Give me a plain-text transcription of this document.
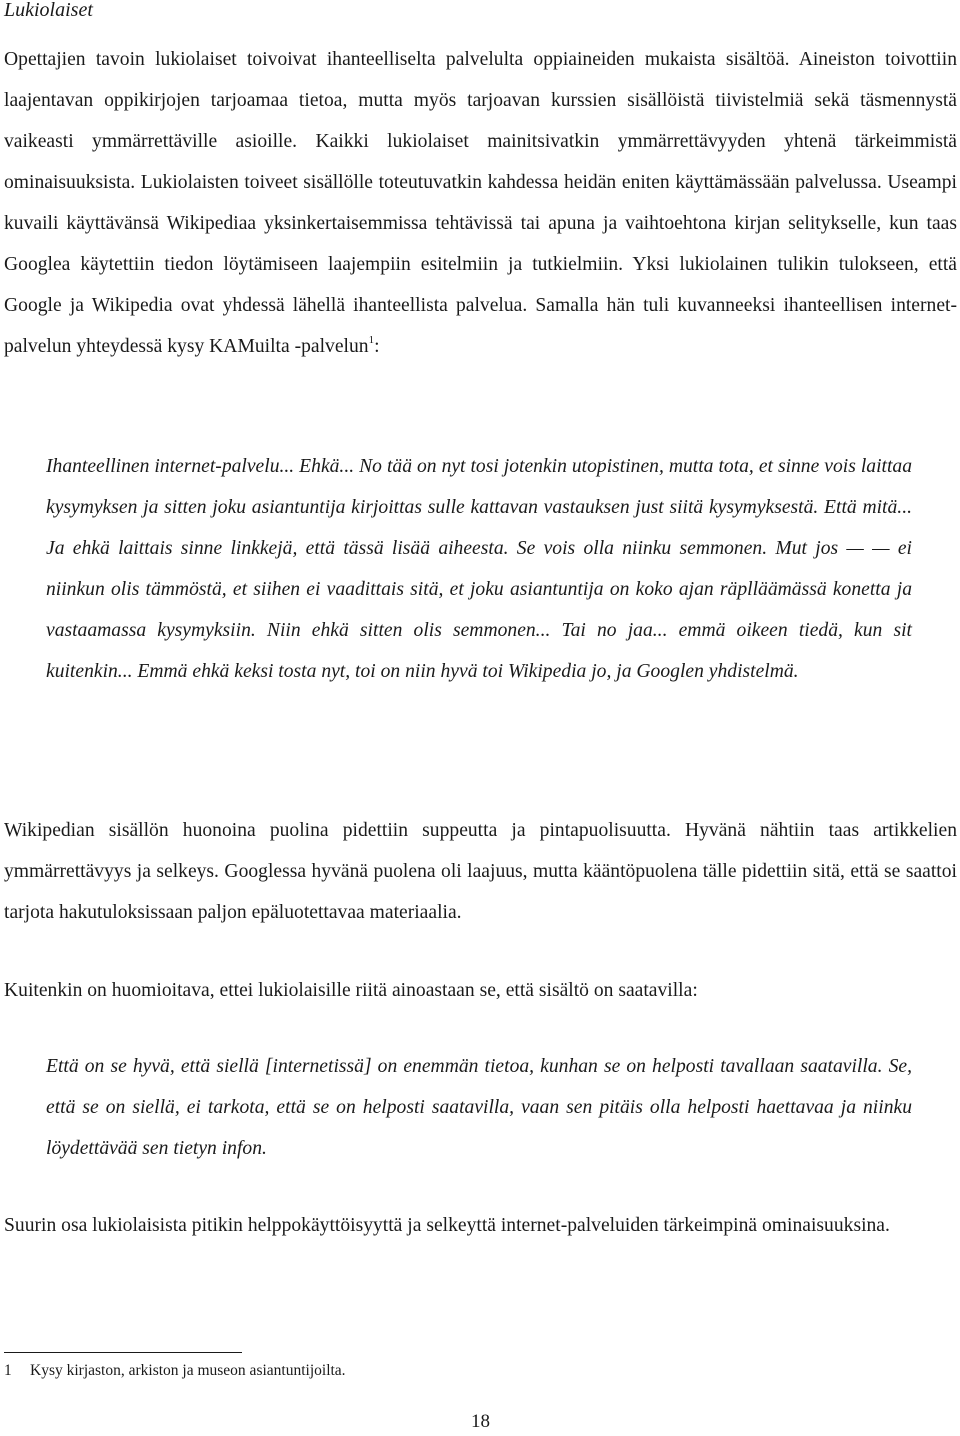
Lukiolaiset

Opettajien tavoin lukiolaiset toivoivat ihanteelliselta palvelulta oppiaineiden mukaista sisältöä. Aineiston toivottiin laajentavan oppikirjojen tarjoamaa tietoa, mutta myös tarjoavan kurssien sisällöistä tiivistelmiä sekä täsmennystä vaikeasti ymmärrettäville asioille. Kaikki lukiolaiset mainitsivatkin ymmärrettävyyden yhtenä tärkeimmistä ominaisuuksista. Lukiolaisten toiveet sisällölle toteutuvatkin kahdessa heidän eniten käyttämässään palvelussa. Useampi kuvaili käyttävänsä Wikipediaa yksinkertaisemmissa tehtävissä tai apuna ja vaihtoehtona kirjan selitykselle, kun taas Googlea käytettiin tiedon löytämiseen laajempiin esitelmiin ja tutkielmiin. Yksi lukiolainen tulikin tulokseen, että Google ja Wikipedia ovat yhdessä lähellä ihanteellista palvelua. Samalla hän tuli kuvanneeksi ihanteellisen internet-palvelun yhteydessä kysy KAMuilta -palvelun$^1$:

Ihanteellinen internet-palvelu... Ehkä... No tää on nyt tosi jotenkin utopistinen, mutta tota, et sinne vois laittaa kysymyksen ja sitten joku asiantuntija kirjoittas sulle kattavan vastauksen just siitä kysymyksestä. Että mitä... Ja ehkä laittais sinne linkkejä, että tässä lisää aiheesta. Se vois olla niinku semmonen. Mut jos — — ei niinkun olis tämmöstä, et siihen ei vaadittais sitä, et joku asiantuntija on koko ajan räplläämässä konetta ja vastaamassa kysymyksiin. Niin ehkä sitten olis semmonen... Tai no jaa... emmä oikeen tiedä, kun sit kuitenkin... Emmä ehkä keksi tosta nyt, toi on niin hyvä toi Wikipedia jo, ja Googlen yhdistelmä.

Wikipedian sisällön huonoina puolina pidettiin suppeutta ja pintapuolisuutta. Hyvänä nähtiin taas artikkelien ymmärrettävyys ja selkeys. Googlessa hyvänä puolena oli laajuus, mutta kääntöpuolena tälle pidettiin sitä, että se saattoi tarjota hakutuloksissaan paljon epäluotettavaa materiaalia.

Kuitenkin on huomioitava, ettei lukiolaisille riitä ainoastaan se, että sisältö on saatavilla:

Että on se hyvä, että siellä [internetissä] on enemmän tietoa, kunhan se on helposti tavallaan saatavilla. Se, että se on siellä, ei tarkota, että se on helposti saatavilla, vaan sen pitäis olla helposti haettavaa ja niinku löydettävää sen tietyn infon.

Suurin osa lukiolaisista pitikin helppokäyttöisyyttä ja selkeyttä internet-palveluiden tärkeimpinä ominaisuuksina.

1 Kysy kirjaston, arkiston ja museon asiantuntijoilta.

18
